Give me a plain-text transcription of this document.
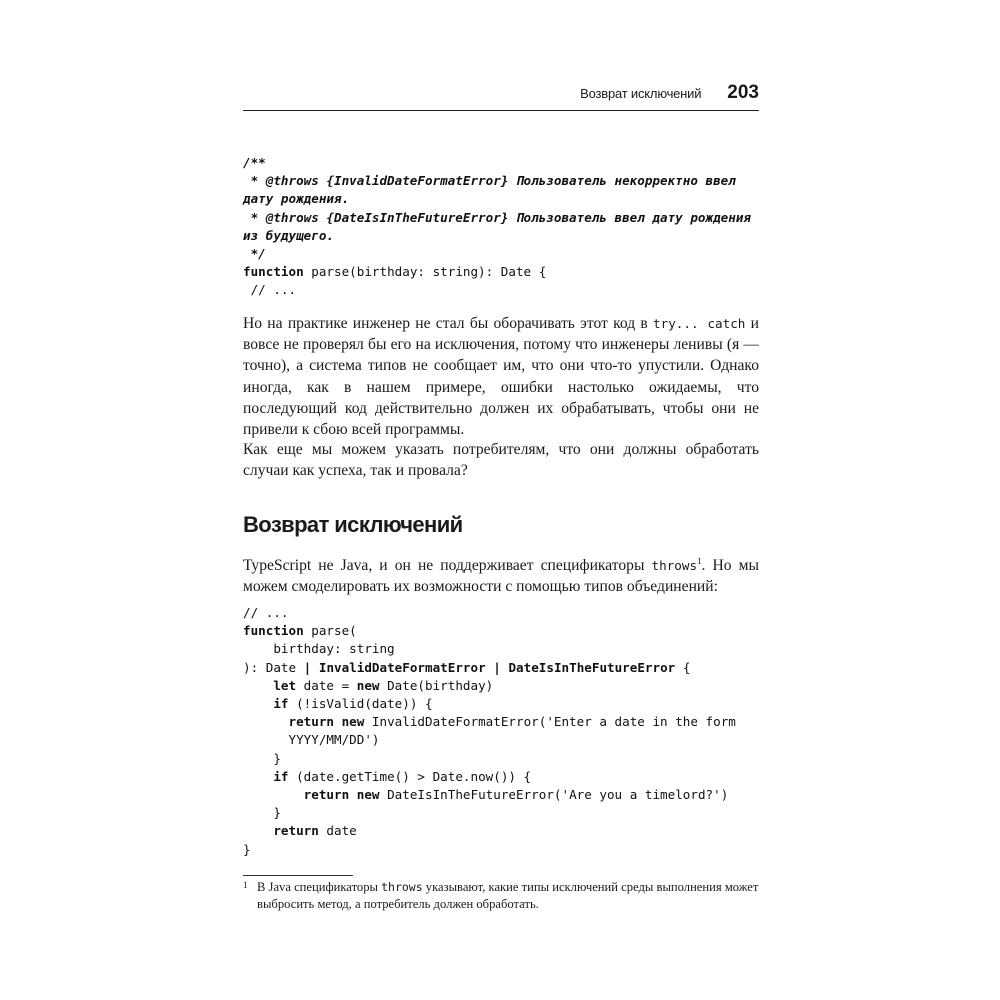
Возврат исключений 203
/**
* @throws {InvalidDateFormatError} Пользователь некорректно ввел
дату рождения.
* @throws {DateIsInTheFutureError} Пользователь ввел дату рождения
из будущего.
*/
function parse(birthday: string): Date {
// ...

Но на практике инженер не стал бы оборачивать этот код в try... catch и вовсе не проверял бы его на исключения, потому что инженеры ленивы (я — точно), а система типов не сообщает им, что они что-то упустили. Однако иногда, как в нашем примере, ошибки настолько ожидаемы, что последующий код действительно должен их обрабатывать, чтобы они не привели к сбою всей программы.

Как еще мы можем указать потребителям, что они должны обработать случаи как успеха, так и провала?

Возврат исключений

TypeScript не Java, и он не поддерживает спецификаторы throws$^1$. Но мы можем смоделировать их возможности с помощью типов объединений:

// ...
function parse(
birthday: string
): Date | InvalidDateFormatError | DateIsInTheFutureError {
let date = new Date(birthday)
if (!isValid(date)) {
return new InvalidDateFormatError('Enter a date in the form
YYYY/MM/DD')
}
if (date.getTime() > Date.now()) {
return new DateIsInTheFutureError('Are you a timelord?')
}
return date
}
1 В Java спецификаторы throws указывают, какие типы исключений среды выполнения может выбросить метод, а потребитель должен обработать.
